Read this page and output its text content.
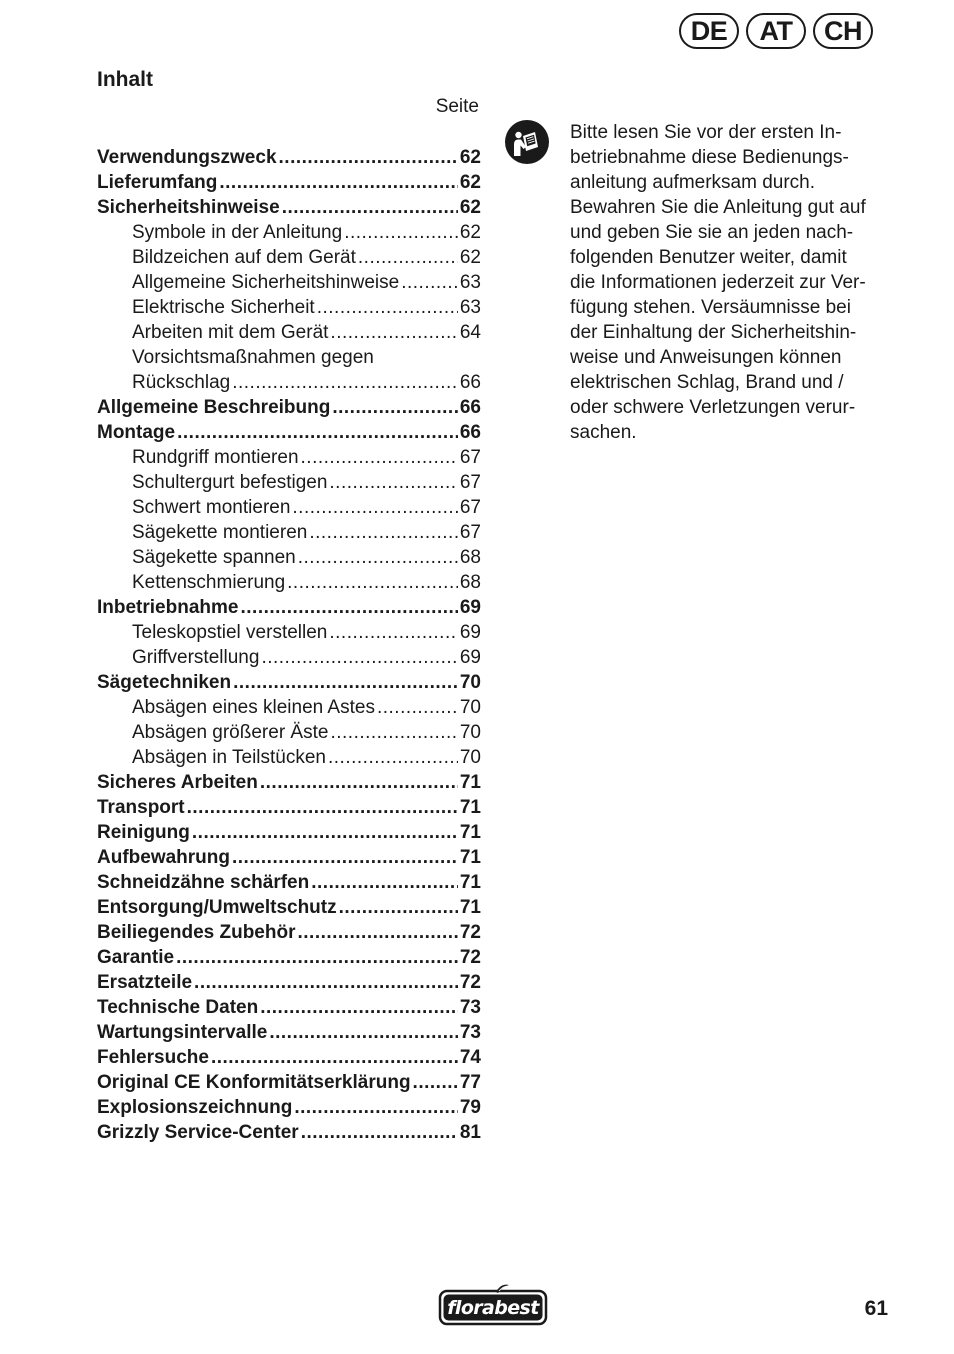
DE	AT	CH
Inhalt
Seite
Verwendungszweck .....	62
Lieferumfang .....	62
Sicherheitshinweise .....	62
Symbole in der Anleitung .....	62
Bildzeichen auf dem Gerät .....	62
Allgemeine Sicherheitshinweise .....	63
Elektrische Sicherheit .....	63
Arbeiten mit dem Gerät .....	64
Vorsichtsmaßnahmen gegen
Rückschlag .....	66
Allgemeine Beschreibung .....	66
Montage .....	66
Rundgriff montieren .....	67
Schultergurt befestigen .....	67
Schwert montieren .....	67
Sägekette montieren .....	67
Sägekette spannen .....	68
Kettenschmierung .....	68
Inbetriebnahme .....	69
Teleskopstiel verstellen .....	69
Griffverstellung .....	69
Sägetechniken .....	70
Absägen eines kleinen Astes .....	70
Absägen größerer Äste .....	70
Absägen in Teilstücken .....	70
Sicheres Arbeiten .....	71
Transport .....	71
Reinigung .....	71
Aufbewahrung .....	71
Schneidzähne schärfen .....	71
Entsorgung/Umweltschutz .....	71
Beiliegendes Zubehör .....	72
Garantie .....	72
Ersatzteile .....	72
Technische Daten .....	73
Wartungsintervalle .....	73
Fehlersuche .....	74
Original CE Konformitätserklärung .....	77
Explosionszeichnung .....	79
Grizzly Service-Center .....	81

Bitte lesen Sie vor der ersten In-
betriebnahme diese Bedienungs-
anleitung aufmerksam durch.
Bewahren Sie die Anleitung gut auf
und geben Sie sie an jeden nach-
folgenden Benutzer weiter, damit
die Informationen jederzeit zur Ver-
fügung stehen. Versäumnisse bei
der Einhaltung der Sicherheitshin-
weise und Anweisungen können
elektrischen Schlag, Brand und /
oder schwere Verletzungen verur-
sachen.

florabest	61
